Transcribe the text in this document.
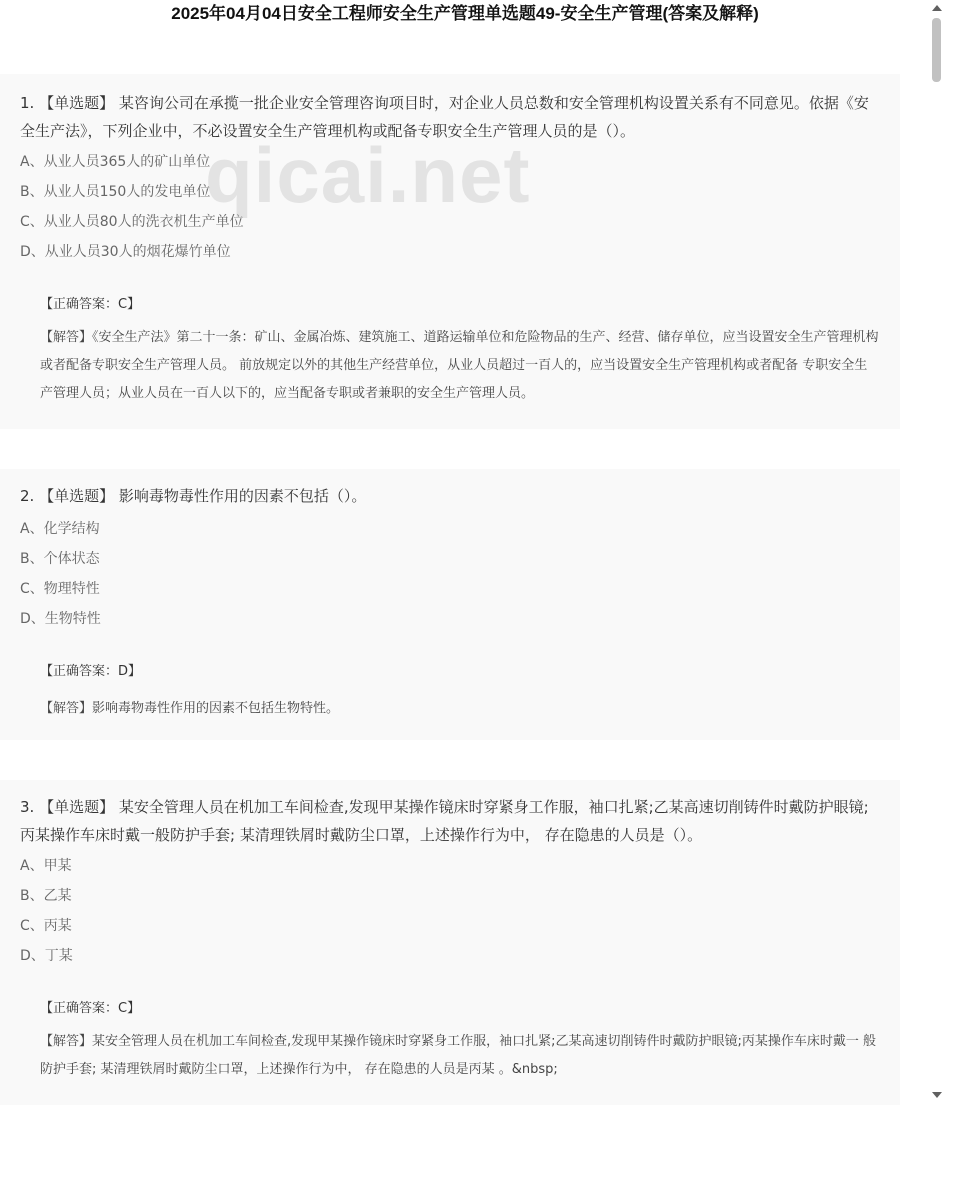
2025年04月04日安全工程师安全生产管理单选题49-安全生产管理(答案及解释)
qicai.net

1. 【单选题】 某咨询公司在承揽一批企业安全管理咨询项目时，对企业人员总数和安全管理机构设置关系有不同意见。依据《安全生产法》，下列企业中，不必设置安全生产管理机构或配备专职安全生产管理人员的是（）。

A、从业人员365人的矿山单位

B、从业人员150人的发电单位

C、从业人员80人的洗衣机生产单位

D、从业人员30人的烟花爆竹单位

【正确答案：C】

【解答】《安全生产法》第二十一条：矿山、金属冶炼、建筑施工、道路运输单位和危险物品的生产、经营、储存单位，应当设置安全生产管理机构或者配备专职安全生产管理人员。 前放规定以外的其他生产经营单位，从业人员超过一百人的，应当设置安全生产管理机构或者配备 专职安全生产管理人员；从业人员在一百人以下的，应当配备专职或者兼职的安全生产管理人员。

2. 【单选题】 影响毒物毒性作用的因素不包括（）。

A、化学结构

B、个体状态

C、物理特性

D、生物特性

【正确答案：D】

【解答】影响毒物毒性作用的因素不包括生物特性。

3. 【单选题】 某安全管理人员在机加工车间检查,发现甲某操作镜床时穿紧身工作服，袖口扎紧;乙某高速切削铸件时戴防护眼镜;丙某操作车床时戴一般防护手套; 某清理铁屑时戴防尘口罩，上述操作行为中， 存在隐患的人员是（）。

A、甲某

B、乙某

C、丙某

D、丁某

【正确答案：C】

【解答】某安全管理人员在机加工车间检查,发现甲某操作镜床时穿紧身工作服，袖口扎紧;乙某高速切削铸件时戴防护眼镜;丙某操作车床时戴一 般防护手套; 某清理铁屑时戴防尘口罩，上述操作行为中， 存在隐患的人员是丙某 。&nbsp;
